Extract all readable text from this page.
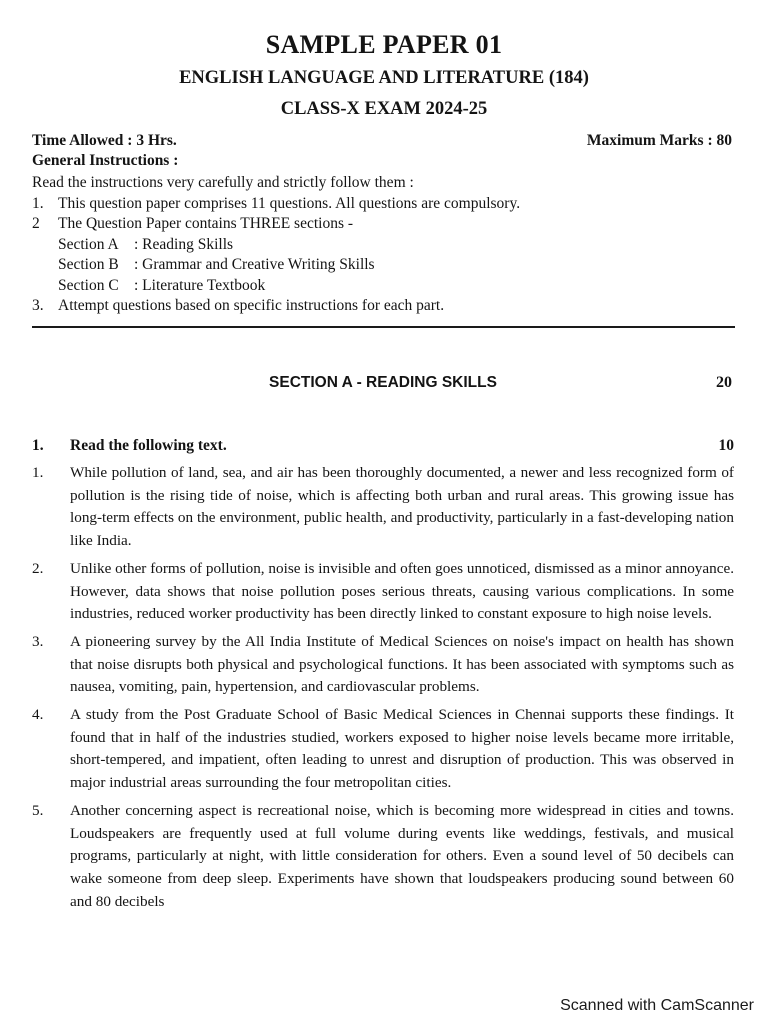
SAMPLE PAPER 01
ENGLISH LANGUAGE AND LITERATURE (184)
CLASS-X EXAM 2024-25
Time Allowed : 3 Hrs.	Maximum Marks : 80
General Instructions :
Read the instructions very carefully and strictly follow them :
1. This question paper comprises 11 questions. All questions are compulsory.
2 The Question Paper contains THREE sections -
Section A : Reading Skills
Section B : Grammar and Creative Writing Skills
Section C : Literature Textbook
3. Attempt questions based on specific instructions for each part.
SECTION A - READING SKILLS	20
1.	Read the following text.	10
1.	While pollution of land, sea, and air has been thoroughly documented, a newer and less recognized form of pollution is the rising tide of noise, which is affecting both urban and rural areas. This growing issue has long-term effects on the environment, public health, and productivity, particularly in a fast-developing nation like India.
2.	Unlike other forms of pollution, noise is invisible and often goes unnoticed, dismissed as a minor annoyance. However, data shows that noise pollution poses serious threats, causing various complications. In some industries, reduced worker productivity has been directly linked to constant exposure to high noise levels.
3.	A pioneering survey by the All India Institute of Medical Sciences on noise's impact on health has shown that noise disrupts both physical and psychological functions. It has been associated with symptoms such as nausea, vomiting, pain, hypertension, and cardiovascular problems.
4.	A study from the Post Graduate School of Basic Medical Sciences in Chennai supports these findings. It found that in half of the industries studied, workers exposed to higher noise levels became more irritable, short-tempered, and impatient, often leading to unrest and disruption of production. This was observed in major industrial areas surrounding the four metropolitan cities.
5.	Another concerning aspect is recreational noise, which is becoming more widespread in cities and towns. Loudspeakers are frequently used at full volume during events like weddings, festivals, and musical programs, particularly at night, with little consideration for others. Even a sound level of 50 decibels can wake someone from deep sleep. Experiments have shown that loudspeakers producing sound between 60 and 80 decibels
Scanned with CamScanner
